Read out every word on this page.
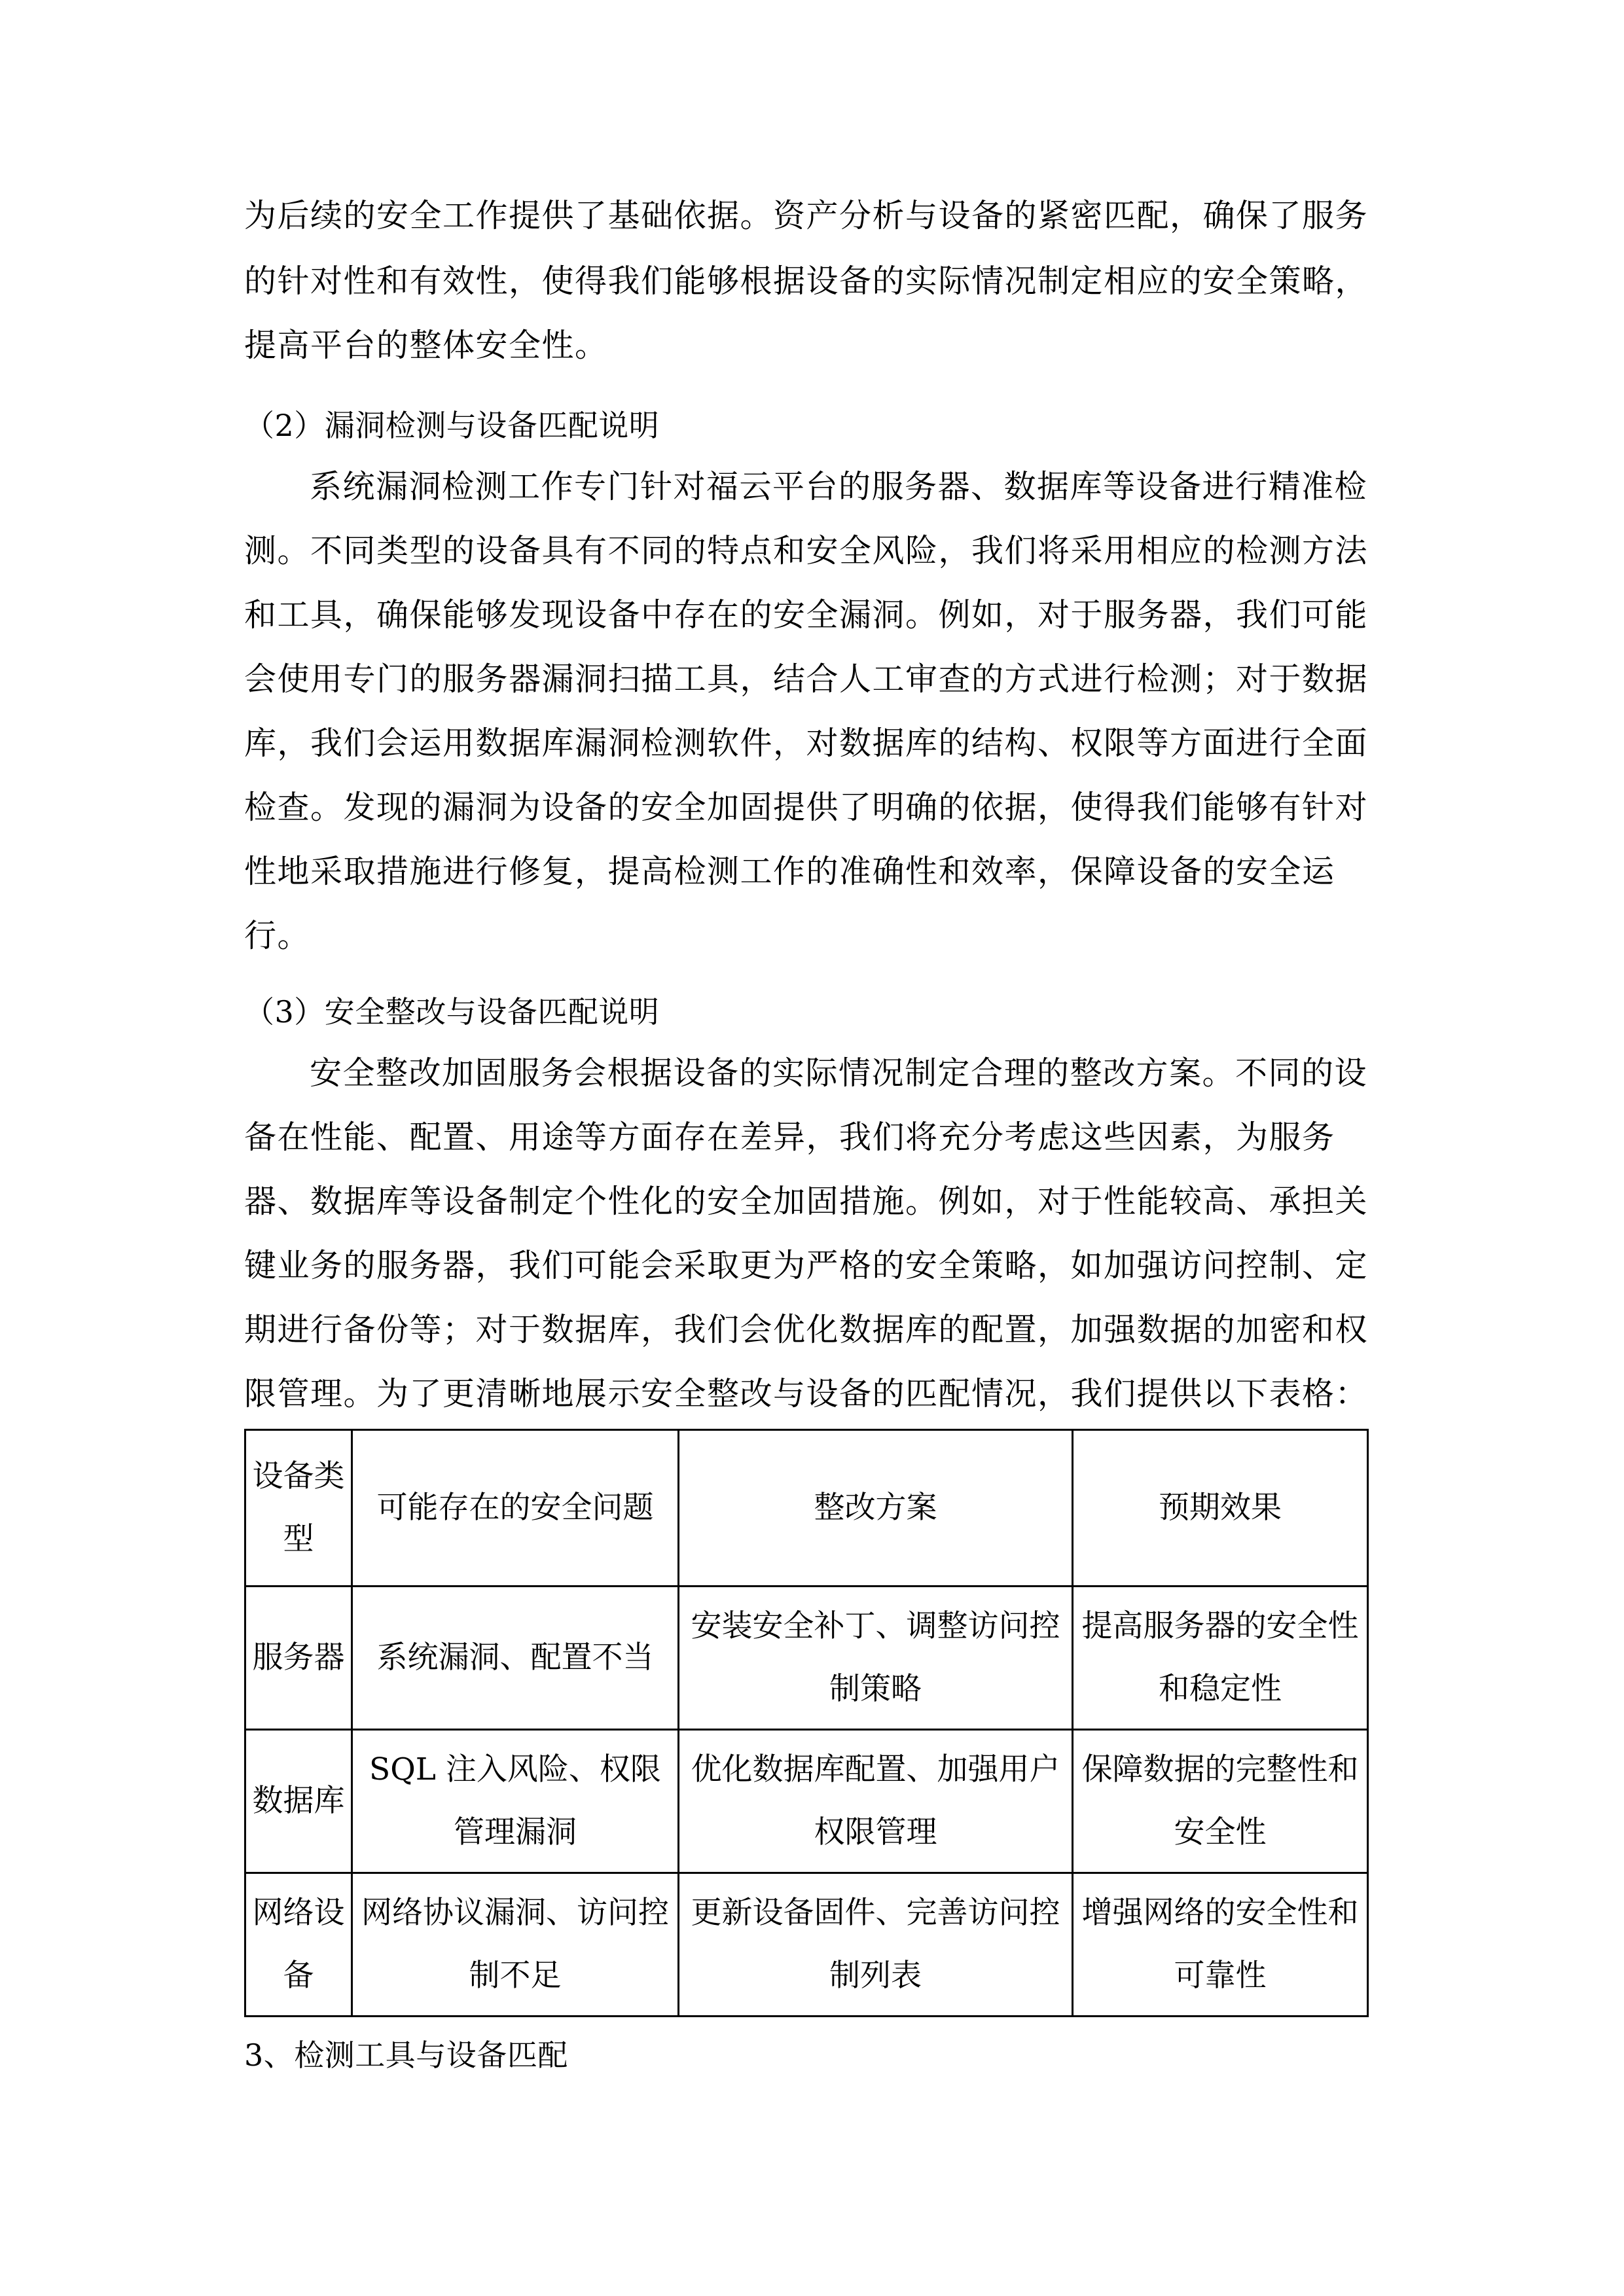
为后续的安全工作提供了基础依据。资产分析与设备的紧密匹配，确保了服务
的针对性和有效性，使得我们能够根据设备的实际情况制定相应的安全策略，
提高平台的整体安全性。
（2）漏洞检测与设备匹配说明
系统漏洞检测工作专门针对福云平台的服务器、数据库等设备进行精准检
测。不同类型的设备具有不同的特点和安全风险，我们将采用相应的检测方法
和工具，确保能够发现设备中存在的安全漏洞。例如，对于服务器，我们可能
会使用专门的服务器漏洞扫描工具，结合人工审查的方式进行检测；对于数据
库，我们会运用数据库漏洞检测软件，对数据库的结构、权限等方面进行全面
检查。发现的漏洞为设备的安全加固提供了明确的依据，使得我们能够有针对
性地采取措施进行修复，提高检测工作的准确性和效率，保障设备的安全运
行。
（3）安全整改与设备匹配说明
安全整改加固服务会根据设备的实际情况制定合理的整改方案。不同的设
备在性能、配置、用途等方面存在差异，我们将充分考虑这些因素，为服务
器、数据库等设备制定个性化的安全加固措施。例如，对于性能较高、承担关
键业务的服务器，我们可能会采取更为严格的安全策略，如加强访问控制、定
期进行备份等；对于数据库，我们会优化数据库的配置，加强数据的加密和权
限管理。为了更清晰地展示安全整改与设备的匹配情况，我们提供以下表格：
设备类型	可能存在的安全问题	整改方案	预期效果
服务器	系统漏洞、配置不当	安装安全补丁、调整访问控制策略	提高服务器的安全性和稳定性
数据库	SQL 注入风险、权限管理漏洞	优化数据库配置、加强用户权限管理	保障数据的完整性和安全性
网络设备	网络协议漏洞、访问控制不足	更新设备固件、完善访问控制列表	增强网络的安全性和可靠性
3、检测工具与设备匹配
